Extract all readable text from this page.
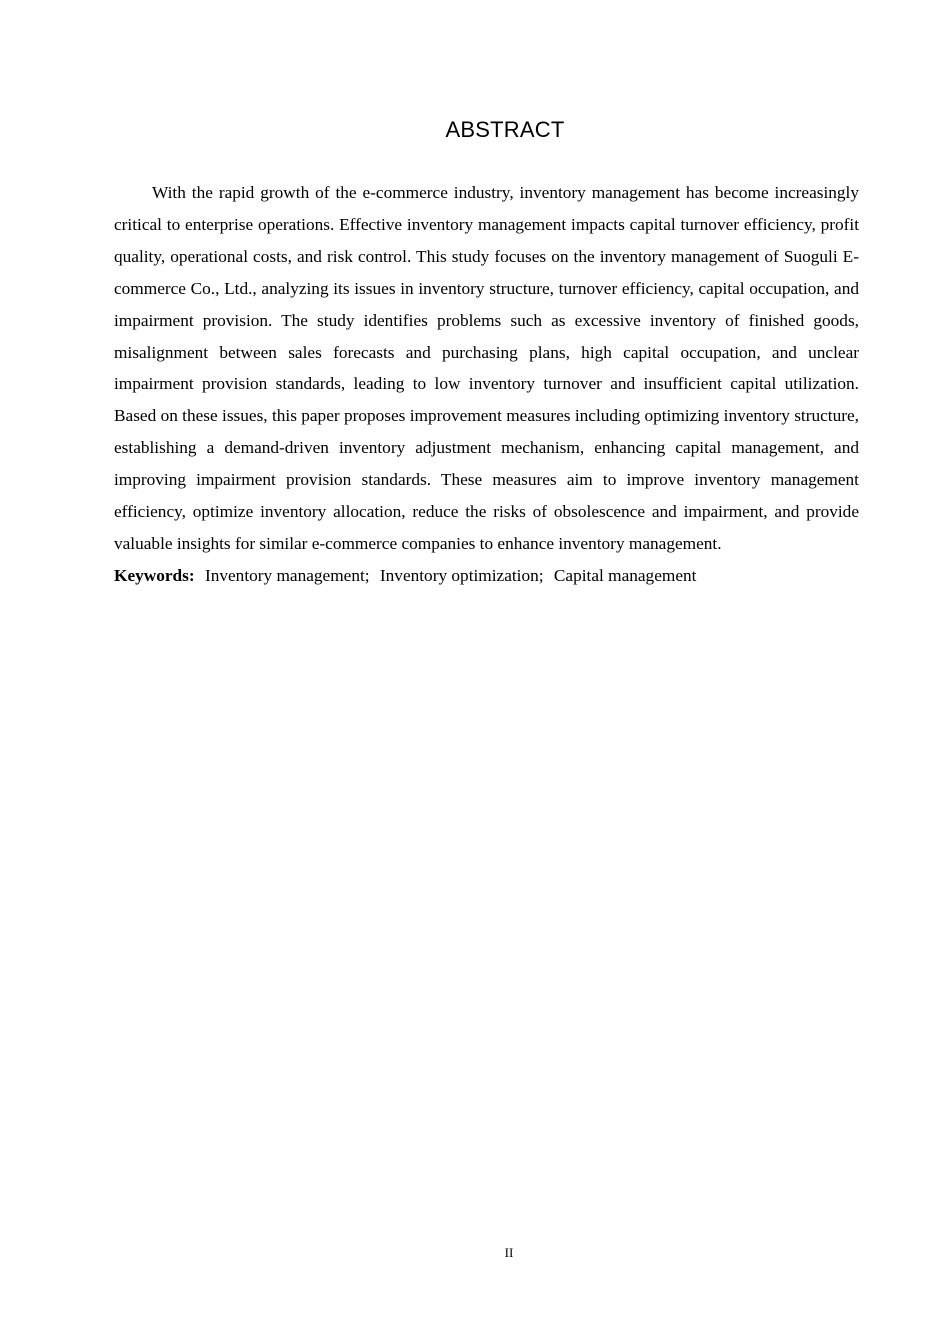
ABSTRACT

With the rapid growth of the e-commerce industry, inventory management has become increasingly critical to enterprise operations. Effective inventory management impacts capital turnover efficiency, profit quality, operational costs, and risk control. This study focuses on the inventory management of Suoguli E-commerce Co., Ltd., analyzing its issues in inventory structure, turnover efficiency, capital occupation, and impairment provision. The study identifies problems such as excessive inventory of finished goods, misalignment between sales forecasts and purchasing plans, high capital occupation, and unclear impairment provision standards, leading to low inventory turnover and insufficient capital utilization. Based on these issues, this paper proposes improvement measures including optimizing inventory structure, establishing a demand-driven inventory adjustment mechanism, enhancing capital management, and improving impairment provision standards. These measures aim to improve inventory management efficiency, optimize inventory allocation, reduce the risks of obsolescence and impairment, and provide valuable insights for similar e-commerce companies to enhance inventory management.

Keywords: Inventory management; Inventory optimization; Capital management

II
